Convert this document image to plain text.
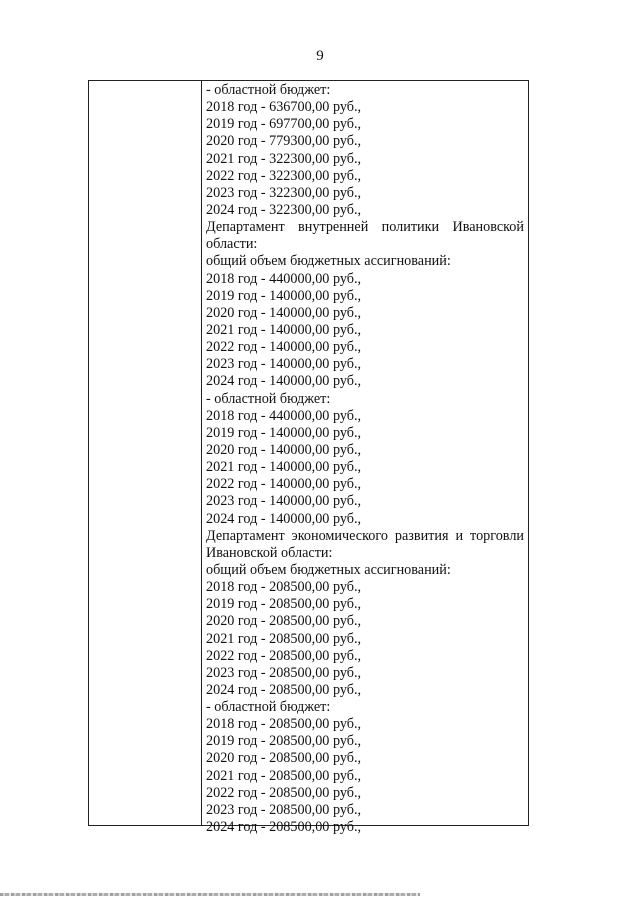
9
- областной бюджет:
2018 год - 636700,00 руб.,
2019 год - 697700,00 руб.,
2020 год - 779300,00 руб.,
2021 год - 322300,00 руб.,
2022 год - 322300,00 руб.,
2023 год - 322300,00 руб.,
2024 год - 322300,00 руб.,
Департамент внутренней политики Ивановской
области:
общий объем бюджетных ассигнований:
2018 год - 440000,00 руб.,
2019 год - 140000,00 руб.,
2020 год - 140000,00 руб.,
2021 год - 140000,00 руб.,
2022 год - 140000,00 руб.,
2023 год - 140000,00 руб.,
2024 год - 140000,00 руб.,
- областной бюджет:
2018 год - 440000,00 руб.,
2019 год - 140000,00 руб.,
2020 год - 140000,00 руб.,
2021 год - 140000,00 руб.,
2022 год - 140000,00 руб.,
2023 год - 140000,00 руб.,
2024 год - 140000,00 руб.,
Департамент экономического развития и торговли
Ивановской области:
общий объем бюджетных ассигнований:
2018 год - 208500,00 руб.,
2019 год - 208500,00 руб.,
2020 год - 208500,00 руб.,
2021 год - 208500,00 руб.,
2022 год - 208500,00 руб.,
2023 год - 208500,00 руб.,
2024 год - 208500,00 руб.,
- областной бюджет:
2018 год - 208500,00 руб.,
2019 год - 208500,00 руб.,
2020 год - 208500,00 руб.,
2021 год - 208500,00 руб.,
2022 год - 208500,00 руб.,
2023 год - 208500,00 руб.,
2024 год - 208500,00 руб.,
